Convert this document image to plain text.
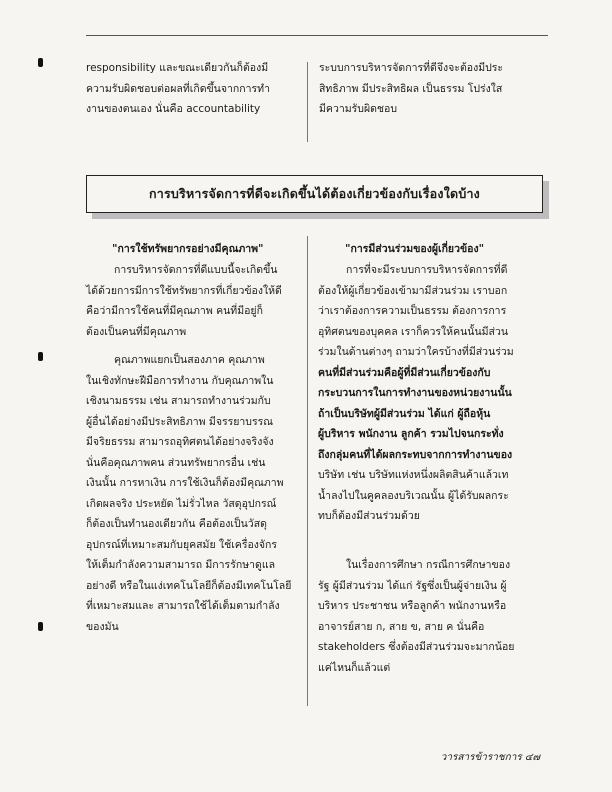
responsibility และขณะเดียวกันก็ต้องมี
ความรับผิดชอบต่อผลที่เกิดขึ้นจากการทำ
งานของตนเอง นั่นคือ accountability
ระบบการบริหารจัดการที่ดีจึงจะต้องมีประ
สิทธิภาพ มีประสิทธิผล เป็นธรรม โปร่งใส
มีความรับผิดชอบ
การบริหารจัดการที่ดีจะเกิดขึ้นได้ต้องเกี่ยวข้องกับเรื่องใดบ้าง
"การใช้ทรัพยากรอย่างมีคุณภาพ"
การบริหารจัดการที่ดีแบบนี้จะเกิดขึ้น
ได้ด้วยการมีการใช้ทรัพยากรที่เกี่ยวข้องให้ดี
คือว่ามีการใช้คนที่มีคุณภาพ คนที่มีอยู่ก็
ต้องเป็นคนที่มีคุณภาพ
คุณภาพแยกเป็นสองภาค คุณภาพ
ในเชิงทักษะฝีมือการทำงาน กับคุณภาพใน
เชิงนามธรรม เช่น สามารถทำงานร่วมกับ
ผู้อื่นได้อย่างมีประสิทธิภาพ มีจรรยาบรรณ
มีจริยธรรม สามารถอุทิศตนได้อย่างจริงจัง
นั่นคือคุณภาพคน ส่วนทรัพยากรอื่น เช่น
เงินนั้น การหาเงิน การใช้เงินก็ต้องมีคุณภาพ
เกิดผลจริง ประหยัด ไม่รั่วไหล วัสดุอุปกรณ์
ก็ต้องเป็นทำนองเดียวกัน คือต้องเป็นวัสดุ
อุปกรณ์ที่เหมาะสมกับยุคสมัย ใช้เครื่องจักร
ให้เต็มกำลังความสามารถ มีการรักษาดูแล
อย่างดี หรือในแง่เทคโนโลยีก็ต้องมีเทคโนโลยี
ที่เหมาะสมและ สามารถใช้ได้เต็มตามกำลัง
ของมัน
"การมีส่วนร่วมของผู้เกี่ยวข้อง"
การที่จะมีระบบการบริหารจัดการที่ดี
ต้องให้ผู้เกี่ยวข้องเข้ามามีส่วนร่วม เราบอก
ว่าเราต้องการความเป็นธรรม ต้องการการ
อุทิศตนของบุคคล เราก็ควรให้คนนั้นมีส่วน
ร่วมในด้านต่างๆ ถามว่าใครบ้างที่มีส่วนร่วม
คนที่มีส่วนร่วมคือผู้ที่มีส่วนเกี่ยวข้องกับ
กระบวนการในการทำงานของหน่วยงานนั้น
ถ้าเป็นบริษัทผู้มีส่วนร่วม ได้แก่ ผู้ถือหุ้น
ผู้บริหาร พนักงาน ลูกค้า รวมไปจนกระทั่ง
ถึงกลุ่มคนที่ได้ผลกระทบจากการทำงานของ
บริษัท เช่น บริษัทแห่งหนึ่งผลิตสินค้าแล้วเท
น้ำลงไปในคูคลองบริเวณนั้น ผู้ได้รับผลกระ
ทบก็ต้องมีส่วนร่วมด้วย
ในเรื่องการศึกษา กรณีการศึกษาของ
รัฐ ผู้มีส่วนร่วม ได้แก่ รัฐซึ่งเป็นผู้จ่ายเงิน ผู้
บริหาร ประชาชน หรือลูกค้า พนักงานหรือ
อาจารย์สาย ก, สาย ข, สาย ค นั่นคือ
stakeholders ซึ่งต้องมีส่วนร่วมจะมากน้อย
แค่ไหนก็แล้วแต่
วารสารข้าราชการ ๔๗
